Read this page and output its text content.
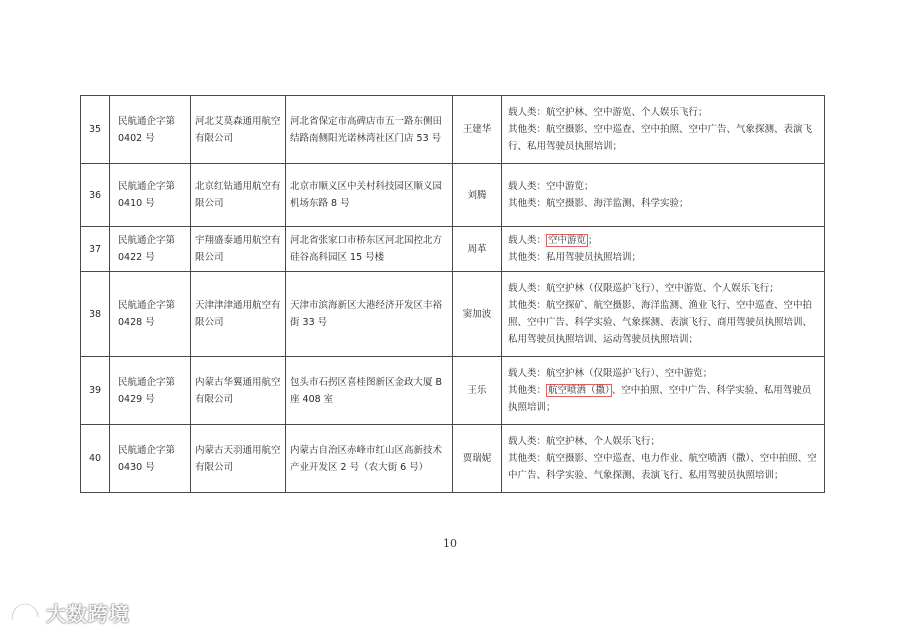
35	民航通企字第 0402 号	河北艾莫森通用航空有限公司	河北省保定市高碑店市五一路东侧田结路南侧阳光诺林湾社区门店 53 号	王建华	载人类：航空护林、空中游览、个人娱乐飞行；
其他类：航空摄影、空中巡查、空中拍照、空中广告、气象探测、表演飞行、私用驾驶员执照培训；

36	民航通企字第 0410 号	北京红钻通用航空有限公司	北京市顺义区中关村科技园区顺义园机场东路 8 号	刘腾	载人类：空中游览；
其他类：航空摄影、海洋监测、科学实验；

37	民航通企字第 0422 号	宇翔盛泰通用航空有限公司	河北省张家口市桥东区河北国控北方硅谷高科园区 15 号楼	周革	载人类： 空中游览 ；
其他类：私用驾驶员执照培训；

38	民航通企字第 0428 号	天津津津通用航空有限公司	天津市滨海新区大港经济开发区丰裕街 33 号	窦加波	载人类：航空护林（仅限巡护飞行）、空中游览、个人娱乐飞行；
其他类：航空探矿、航空摄影、海洋监测、渔业飞行、空中巡查、空中拍照、空中广告、科学实验、气象探测、表演飞行、商用驾驶员执照培训、私用驾驶员执照培训、运动驾驶员执照培训；

39	民航通企字第 0429 号	内蒙古华翼通用航空有限公司	包头市石拐区喜桂图新区金政大厦 B 座 408 室	王乐	载人类：航空护林（仅限巡护飞行）、空中游览；
其他类： 航空喷洒（撒） 、空中拍照、空中广告、科学实验、私用驾驶员执照培训；

40	民航通企字第 0430 号	内蒙古天羽通用航空有限公司	内蒙古自治区赤峰市红山区高新技术产业开发区 2 号（农大街 6 号）	贾瑞妮	载人类：航空护林、个人娱乐飞行；
其他类：航空摄影、空中巡查、电力作业、航空喷洒（撒）、空中拍照、空中广告、科学实验、气象探测、表演飞行、私用驾驶员执照培训；
10
大数跨境
